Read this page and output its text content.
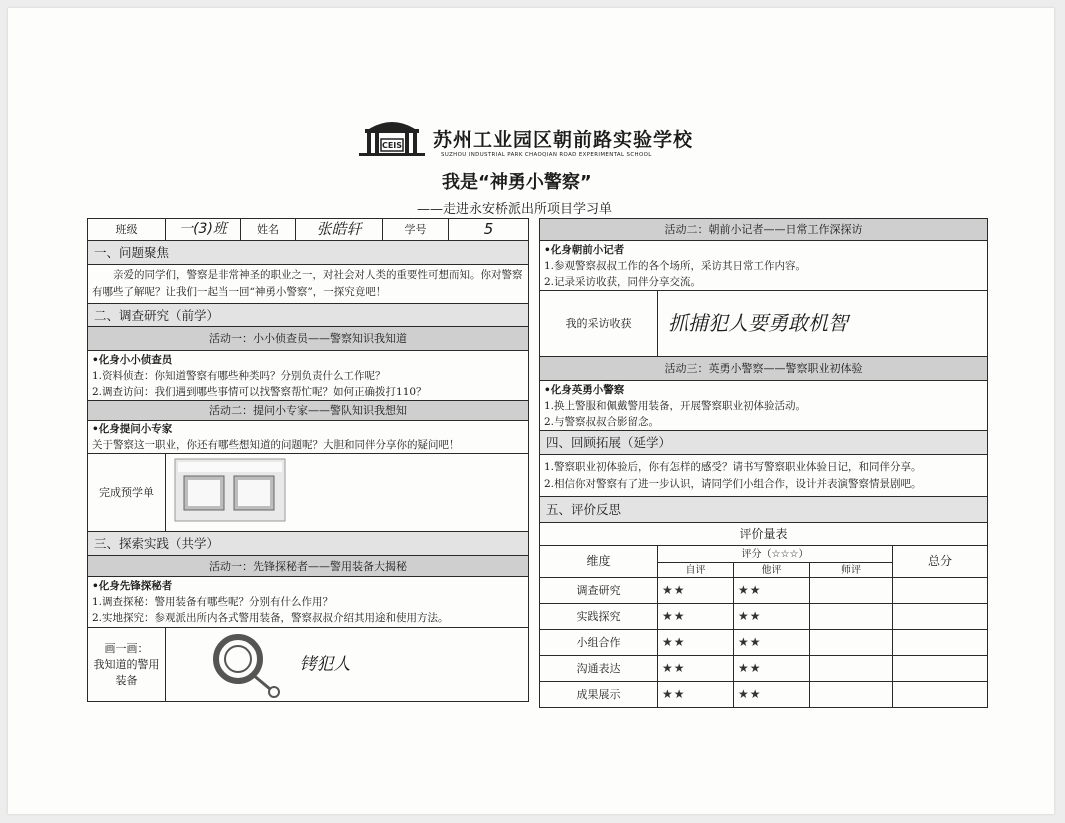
CEIS 苏州工业园区朝前路实验学校
SUZHOU INDUSTRIAL PARK CHAOQIAN ROAD EXPERIMENTAL SCHOOL
我是“神勇小警察”
——走进永安桥派出所项目学习单
班级	一(3)班	姓名	张皓轩	学号	5
一、问题聚焦					
亲爱的同学们，警察是非常神圣的职业之一，对社会对人类的重要性可想而知。你对警察有哪些了解呢？让我们一起当一回“神勇小警察”，一探究竟吧！					
二、调查研究（前学）					
活动一：小小侦查员——警察知识我知道					

•化身小小侦查员
1.资料侦查：你知道警察有哪些种类吗？分别负责什么工作呢？
2.调查访问：我们遇到哪些事情可以找警察帮忙呢？如何正确拨打110？					

活动二：提问小专家——警队知识我想知					

•化身提问小专家
关于警察这一职业，你还有哪些想知道的问题呢？大胆和同伴分享你的疑问吧！					

完成预学单	
三、探索实践（共学）					
活动一：先锋探秘者——警用装备大揭秘					

•化身先锋探秘者
1.调查探秘：警用装备有哪些呢？分别有什么作用？
2.实地探究：参观派出所内各式警用装备，警察叔叔介绍其用途和使用方法。					

画一画：
我知道的警用装备	铐犯人				
活动二：朝前小记者——日常工作深探访				

•化身朝前小记者
1.参观警察叔叔工作的各个场所，采访其日常工作内容。
2.记录采访收获，同伴分享交流。				

我的采访收获	抓捕犯人要勇敢机智			
活动三：英勇小警察——警察职业初体验				

•化身英勇小警察
1.换上警服和佩戴警用装备，开展警察职业初体验活动。
2.与警察叔叔合影留念。				

四、回顾拓展（延学）				

1.警察职业初体验后，你有怎样的感受？请书写警察职业体验日记，和同伴分享。
2.相信你对警察有了进一步认识，请同学们小组合作，设计并表演警察情景剧吧。				

五、评价反思				
评价量表				
维度	评分（☆☆☆）			总分
	自评	他评	师评	
调查研究	★★	★★		
实践探究	★★	★★		
小组合作	★★	★★		
沟通表达	★★	★★		
成果展示	★★	★★		
